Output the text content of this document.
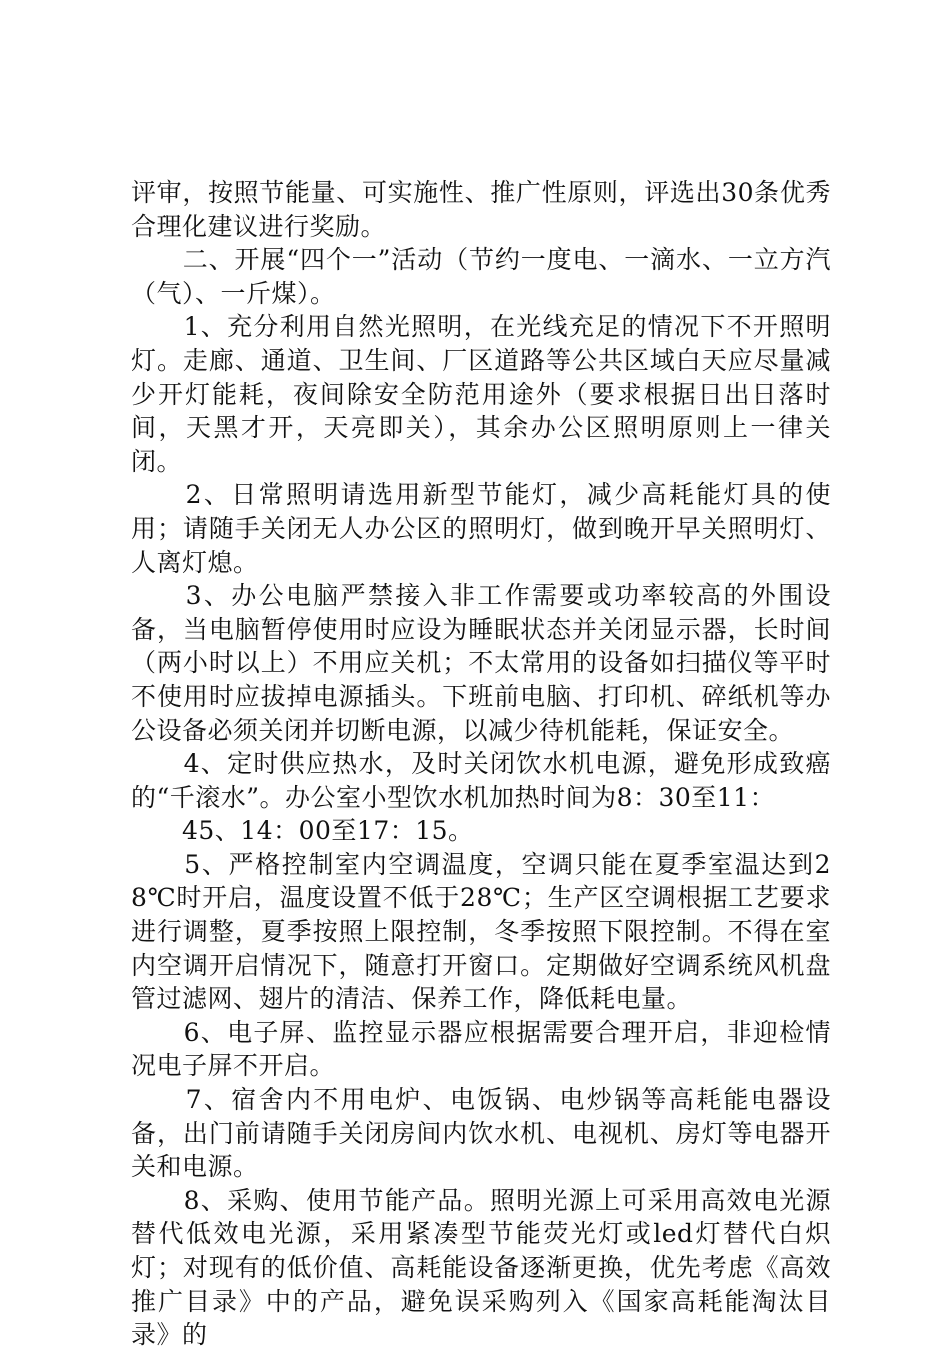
评审，按照节能量、可实施性、推广性原则，评选出30条优秀合理化建议进行奖励。

　　二、开展“四个一”活动（节约一度电、一滴水、一立方汽（气）、一斤煤）。

　　1、充分利用自然光照明，在光线充足的情况下不开照明灯。走廊、通道、卫生间、厂区道路等公共区域白天应尽量减少开灯能耗，夜间除安全防范用途外（要求根据日出日落时间，天黑才开，天亮即关），其余办公区照明原则上一律关闭。

　　2、日常照明请选用新型节能灯，减少高耗能灯具的使用；请随手关闭无人办公区的照明灯，做到晚开早关照明灯、人离灯熄。

　　3、办公电脑严禁接入非工作需要或功率较高的外围设备，当电脑暂停使用时应设为睡眠状态并关闭显示器，长时间（两小时以上）不用应关机；不太常用的设备如扫描仪等平时不使用时应拔掉电源插头。下班前电脑、打印机、碎纸机等办公设备必须关闭并切断电源，以减少待机能耗，保证安全。

　　4、定时供应热水，及时关闭饮水机电源，避免形成致癌的“千滚水”。办公室小型饮水机加热时间为8：30至11：

　　45、14：00至17：15。

　　5、严格控制室内空调温度，空调只能在夏季室温达到28℃时开启，温度设置不低于28℃；生产区空调根据工艺要求进行调整，夏季按照上限控制，冬季按照下限控制。不得在室内空调开启情况下，随意打开窗口。定期做好空调系统风机盘管过滤网、翅片的清洁、保养工作，降低耗电量。

　　6、电子屏、监控显示器应根据需要合理开启，非迎检情况电子屏不开启。

　　7、宿舍内不用电炉、电饭锅、电炒锅等高耗能电器设备，出门前请随手关闭房间内饮水机、电视机、房灯等电器开关和电源。

　　8、采购、使用节能产品。照明光源上可采用高效电光源替代低效电光源，采用紧凑型节能荧光灯或led灯替代白炽灯；对现有的低价值、高耗能设备逐渐更换，优先考虑《高效推广目录》中的产品，避免误采购列入《国家高耗能淘汰目录》的
